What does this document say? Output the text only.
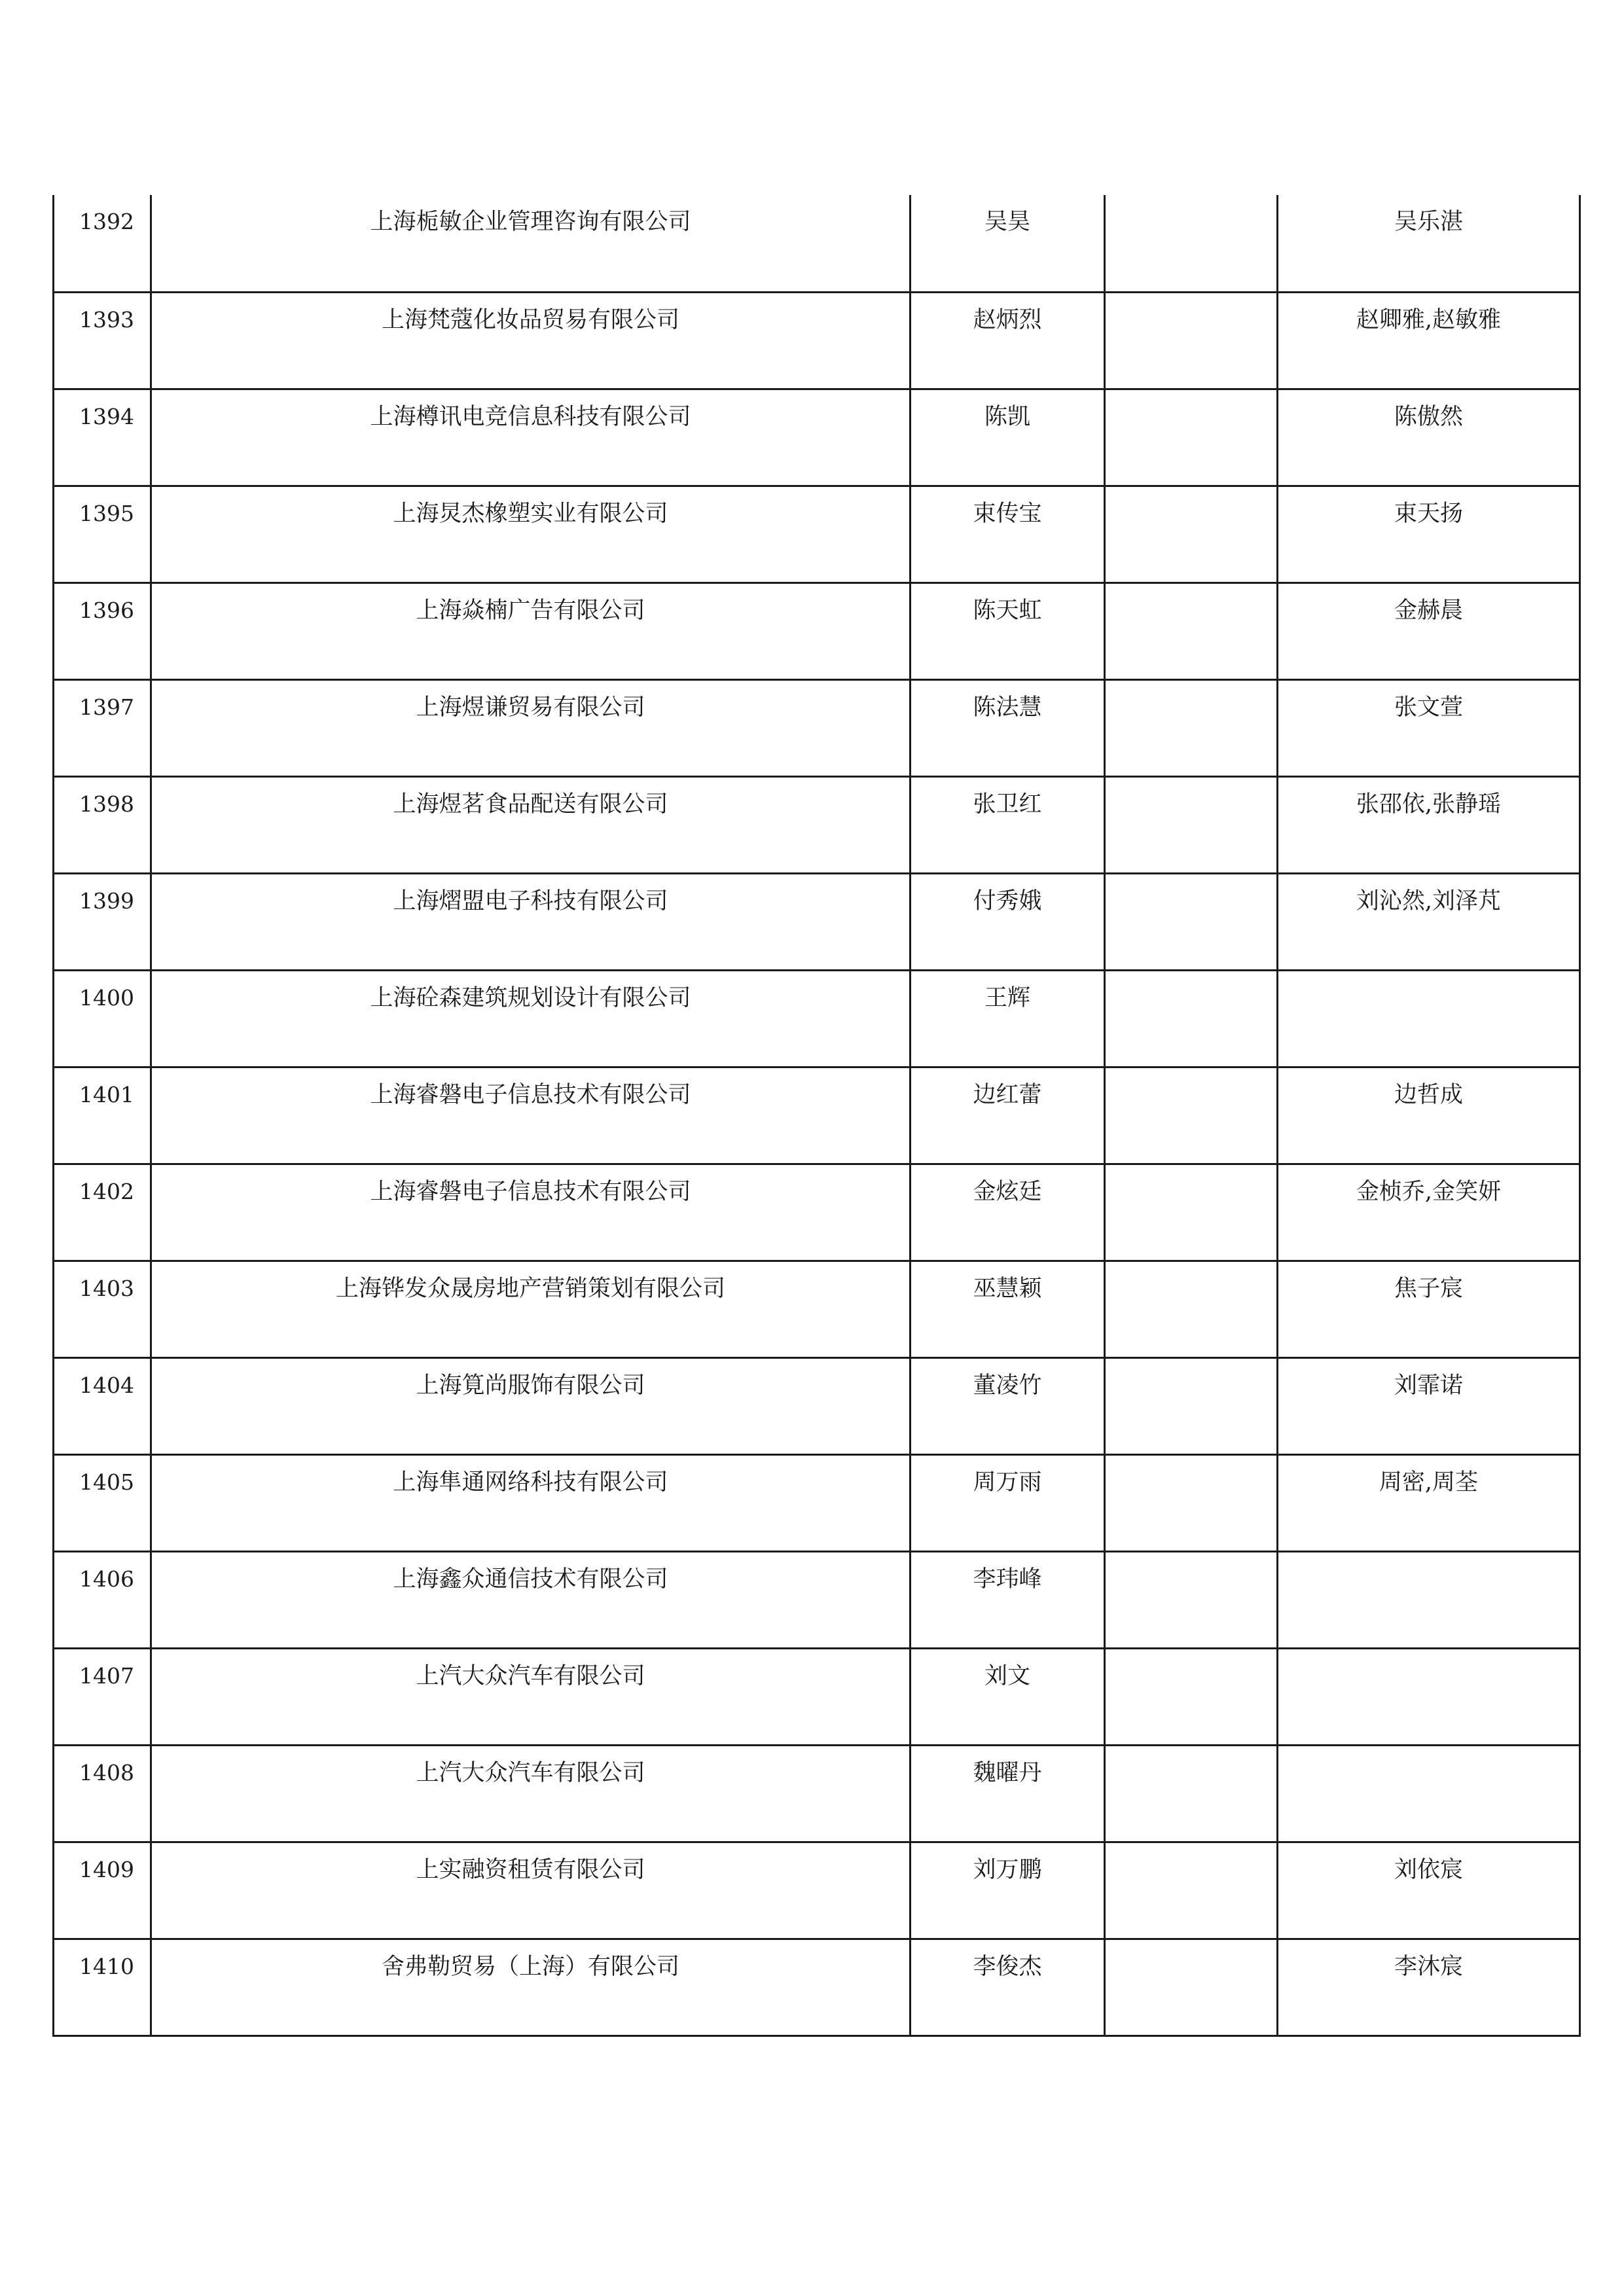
1392	上海栀敏企业管理咨询有限公司	吴昊		吴乐湛
1393	上海梵蔻化妆品贸易有限公司	赵炳烈		赵卿雅,赵敏雅
1394	上海樽讯电竞信息科技有限公司	陈凯		陈傲然
1395	上海炅杰橡塑实业有限公司	束传宝		束天扬
1396	上海焱楠广告有限公司	陈天虹		金赫晨
1397	上海煜谦贸易有限公司	陈法慧		张文萱
1398	上海煜茗食品配送有限公司	张卫红		张邵依,张静瑶
1399	上海熠盟电子科技有限公司	付秀娥		刘沁然,刘泽芃
1400	上海砼森建筑规划设计有限公司	王辉		
1401	上海睿磐电子信息技术有限公司	边红蕾		边哲成
1402	上海睿磐电子信息技术有限公司	金炫廷		金桢乔,金笑妍
1403	上海铧发众晟房地产营销策划有限公司	巫慧颖		焦子宸
1404	上海筧尚服饰有限公司	董凌竹		刘霏诺
1405	上海隼通网络科技有限公司	周万雨		周密,周荃
1406	上海鑫众通信技术有限公司	李玮峰		
1407	上汽大众汽车有限公司	刘文		
1408	上汽大众汽车有限公司	魏曜丹		
1409	上实融资租赁有限公司	刘万鹏		刘依宸
1410	舍弗勒贸易（上海）有限公司	李俊杰		李沐宸
